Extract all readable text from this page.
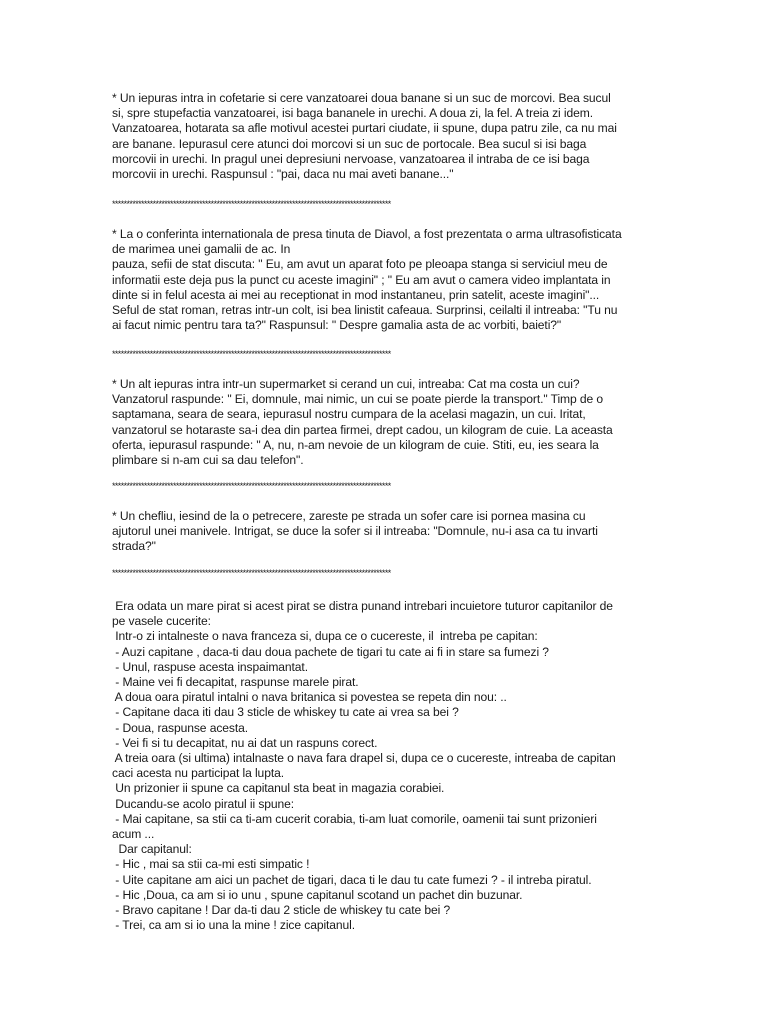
* Un iepuras intra in cofetarie si cere vanzatoarei doua banane si un suc de morcovi. Bea sucul
si, spre stupefactia vanzatoarei, isi baga bananele in urechi. A doua zi, la fel. A treia zi idem.
Vanzatoarea, hotarata sa afle motivul acestei purtari ciudate, ii spune, dupa patru zile, ca nu mai
are banane. Iepurasul cere atunci doi morcovi si un suc de portocale. Bea sucul si isi baga
morcovii in urechi. In pragul unei depresiuni nervoase, vanzatoarea il intraba de ce isi baga
morcovii in urechi. Raspunsul : "pai, daca nu mai aveti banane..."
************************************************************************************************
* La o conferinta internationala de presa tinuta de Diavol, a fost prezentata o arma ultrasofisticata
de marimea unei gamalii de ac. In
pauza, sefii de stat discuta: " Eu, am avut un aparat foto pe pleoapa stanga si serviciul meu de
informatii este deja pus la punct cu aceste imagini" ; " Eu am avut o camera video implantata in
dinte si in felul acesta ai mei au receptionat in mod instantaneu, prin satelit, aceste imagini"...
Seful de stat roman, retras intr-un colt, isi bea linistit cafeaua. Surprinsi, ceilalti il intreaba: "Tu nu
ai facut nimic pentru tara ta?" Raspunsul: " Despre gamalia asta de ac vorbiti, baieti?"
************************************************************************************************
* Un alt iepuras intra intr-un supermarket si cerand un cui, intreaba: Cat ma costa un cui?
Vanzatorul raspunde: " Ei, domnule, mai nimic, un cui se poate pierde la transport." Timp de o
saptamana, seara de seara, iepurasul nostru cumpara de la acelasi magazin, un cui. Iritat,
vanzatorul se hotaraste sa-i dea din partea firmei, drept cadou, un kilogram de cuie. La aceasta
oferta, iepurasul raspunde: " A, nu, n-am nevoie de un kilogram de cuie. Stiti, eu, ies seara la
plimbare si n-am cui sa dau telefon".
************************************************************************************************
* Un chefliu, iesind de la o petrecere, zareste pe strada un sofer care isi pornea masina cu
ajutorul unei manivele. Intrigat, se duce la sofer si il intreaba: "Domnule, nu-i asa ca tu invarti
strada?"
************************************************************************************************
Era odata un mare pirat si acest pirat se distra punand intrebari incuietore tuturor capitanilor de
pe vasele cucerite:
Intr-o zi intalneste o nava franceza si, dupa ce o cucereste, il  intreba pe capitan:
- Auzi capitane , daca-ti dau doua pachete de tigari tu cate ai fi in stare sa fumezi ?
- Unul, raspuse acesta inspaimantat.
- Maine vei fi decapitat, raspunse marele pirat.
A doua oara piratul intalni o nava britanica si povestea se repeta din nou: ..
- Capitane daca iti dau 3 sticle de whiskey tu cate ai vrea sa bei ?
- Doua, raspunse acesta.
- Vei fi si tu decapitat, nu ai dat un raspuns corect.
A treia oara (si ultima) intalnaste o nava fara drapel si, dupa ce o cucereste, intreaba de capitan
caci acesta nu participat la lupta.
Un prizonier ii spune ca capitanul sta beat in magazia corabiei.
Ducandu-se acolo piratul ii spune:
- Mai capitane, sa stii ca ti-am cucerit corabia, ti-am luat comorile, oamenii tai sunt prizonieri
acum ...
Dar capitanul:
- Hic , mai sa stii ca-mi esti simpatic !
- Uite capitane am aici un pachet de tigari, daca ti le dau tu cate fumezi ? - il intreba piratul.
- Hic ,Doua, ca am si io unu , spune capitanul scotand un pachet din buzunar.
- Bravo capitane ! Dar da-ti dau 2 sticle de whiskey tu cate bei ?
- Trei, ca am si io una la mine ! zice capitanul.
